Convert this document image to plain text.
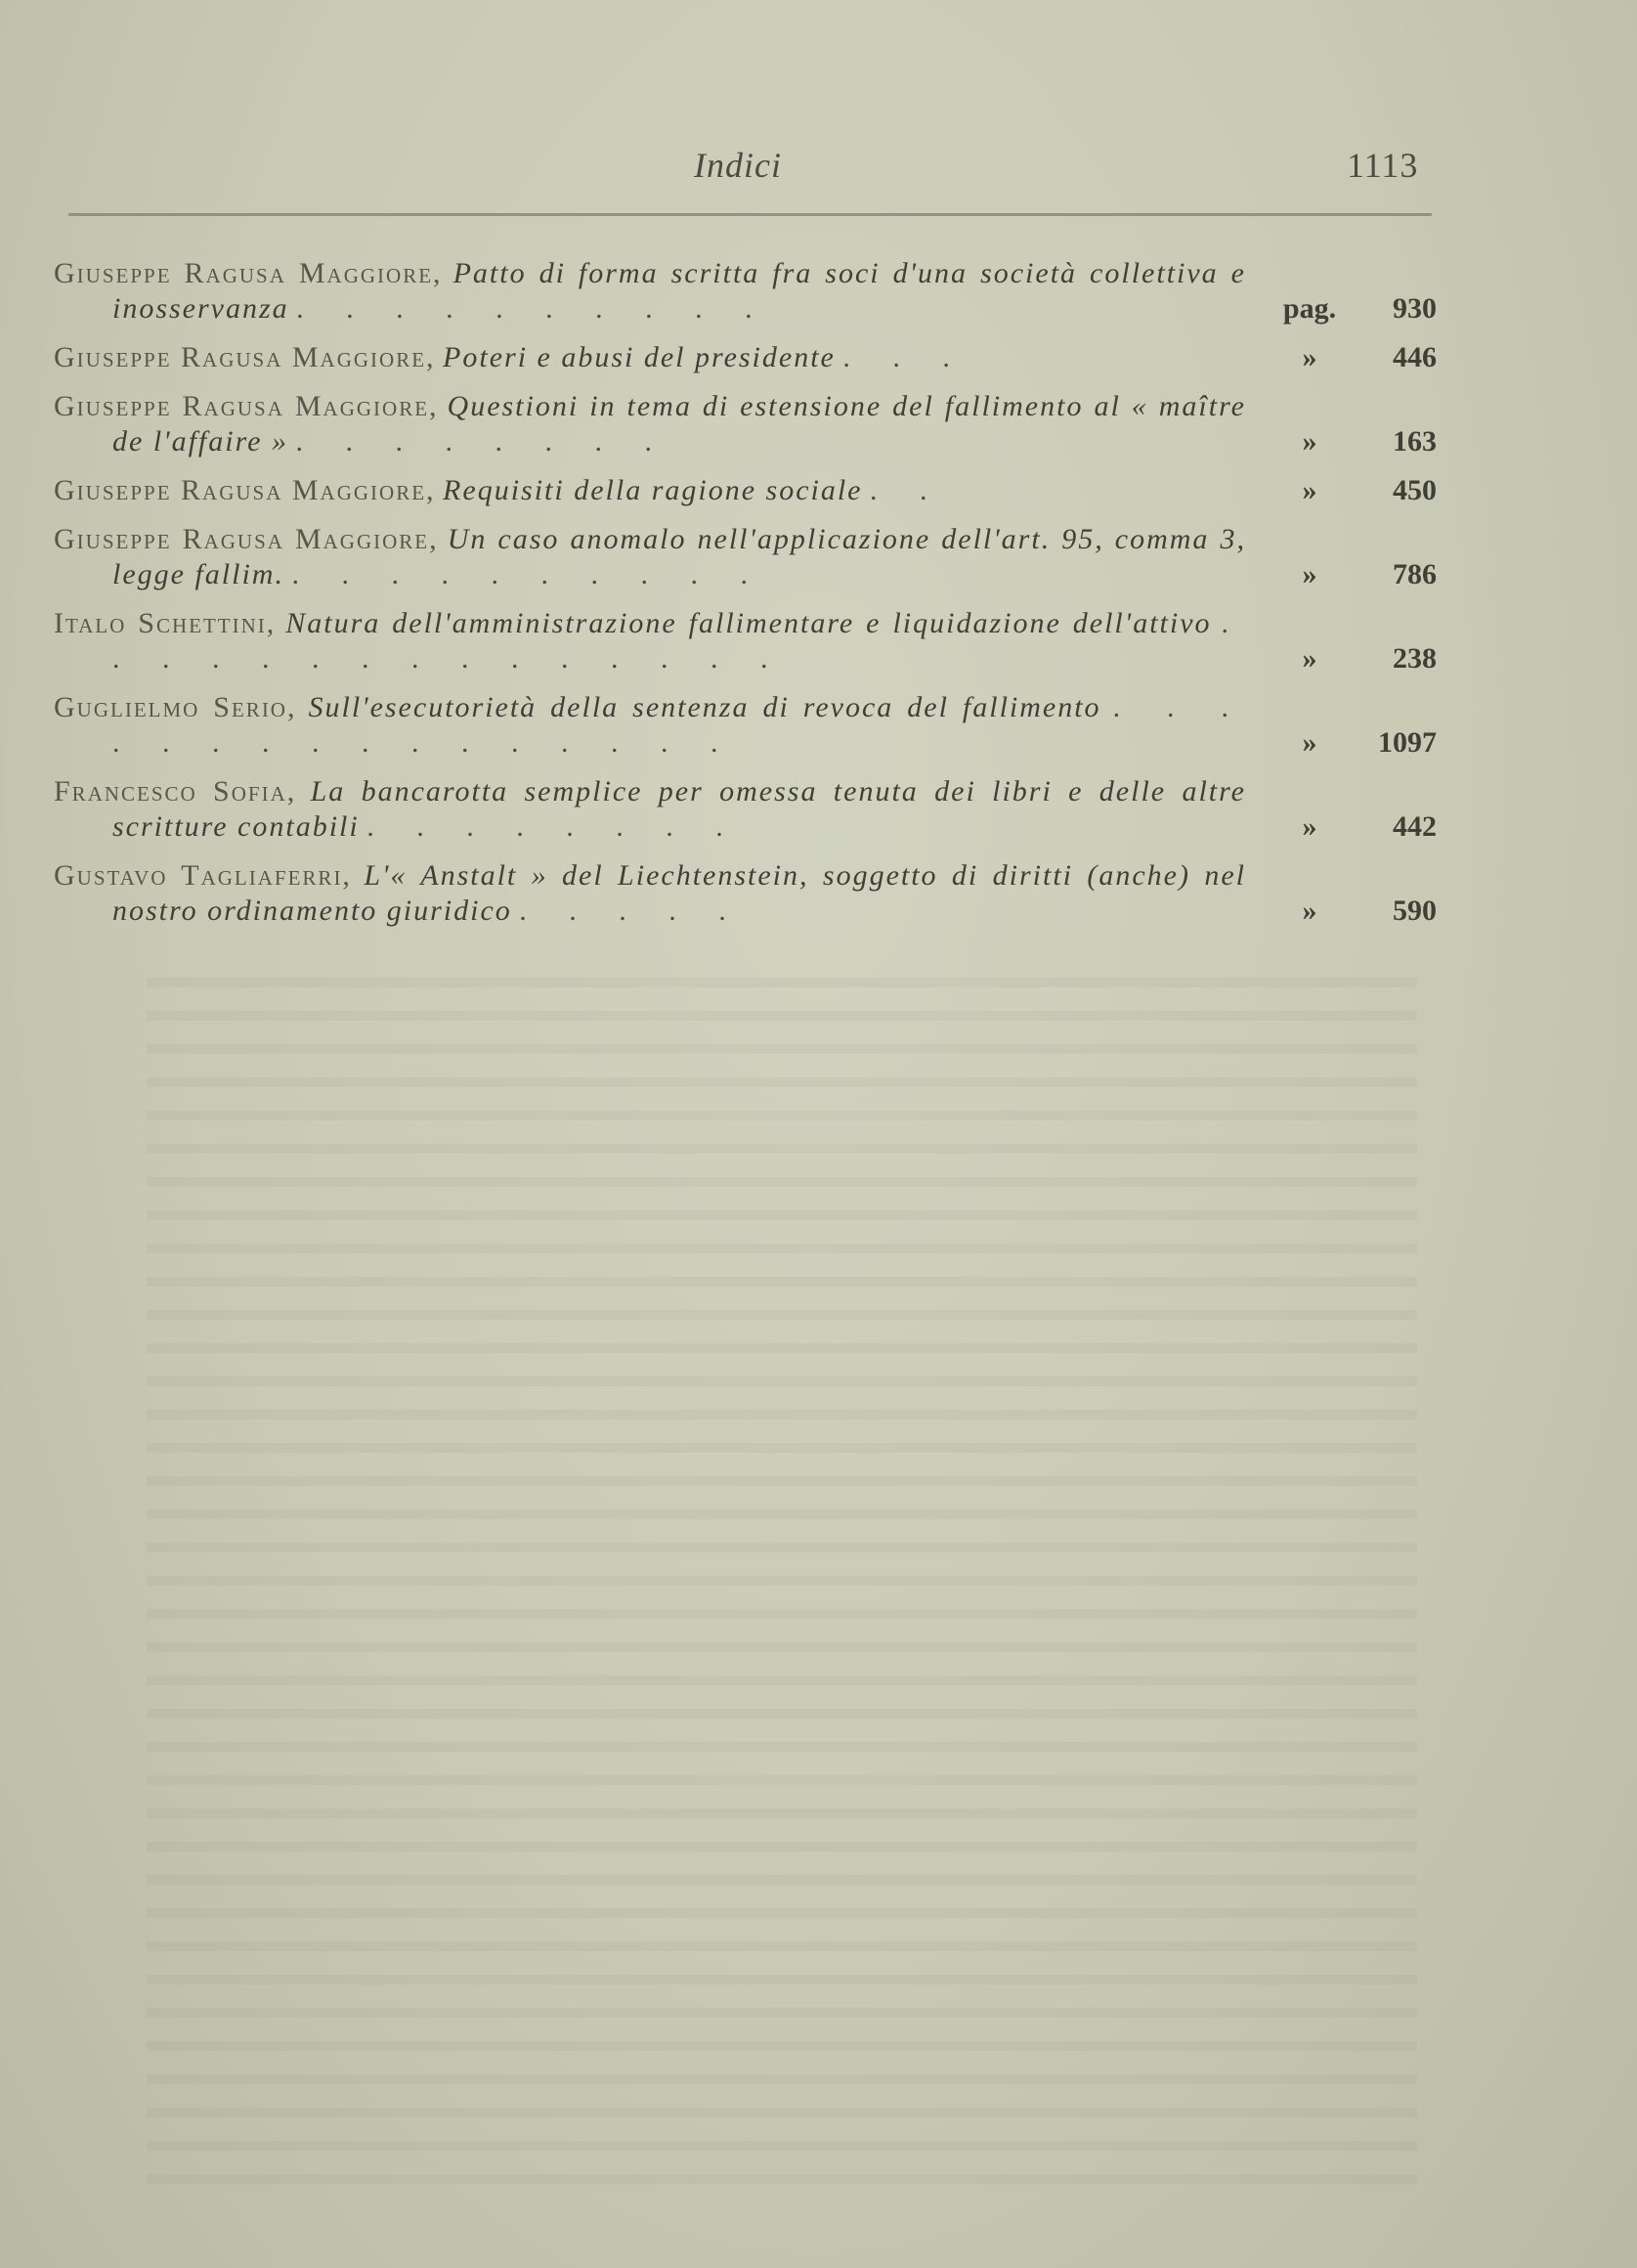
Indici	1113
Giuseppe Ragusa Maggiore, Patto di forma scritta fra soci d'una società collettiva e inosservanza . . . . . . . . . .	pag. 930
Giuseppe Ragusa Maggiore, Poteri e abusi del presidente . . .	»	446
Giuseppe Ragusa Maggiore, Questioni in tema di estensione del fallimento al « maître de l'affaire » . . . . . . . .	»	163
Giuseppe Ragusa Maggiore, Requisiti della ragione sociale . .	»	450
Giuseppe Ragusa Maggiore, Un caso anomalo nell'applicazione dell'art. 95, comma 3, legge fallim. . . . . . . . . . .	»	786
Italo Schettini, Natura dell'amministrazione fallimentare e liquidazione dell'attivo . . . . . . . . . . . . . . .	»	238
Guglielmo Serio, Sull'esecutorietà della sentenza di revoca del fallimento . . . . . . . . . . . . . . . .	» 1097
Francesco Sofia, La bancarotta semplice per omessa tenuta dei libri e delle altre scritture contabili . . . . . . . .	»	442
Gustavo Tagliaferri, L'« Anstalt » del Liechtenstein, soggetto di diritti (anche) nel nostro ordinamento giuridico . . . . .	»	590
